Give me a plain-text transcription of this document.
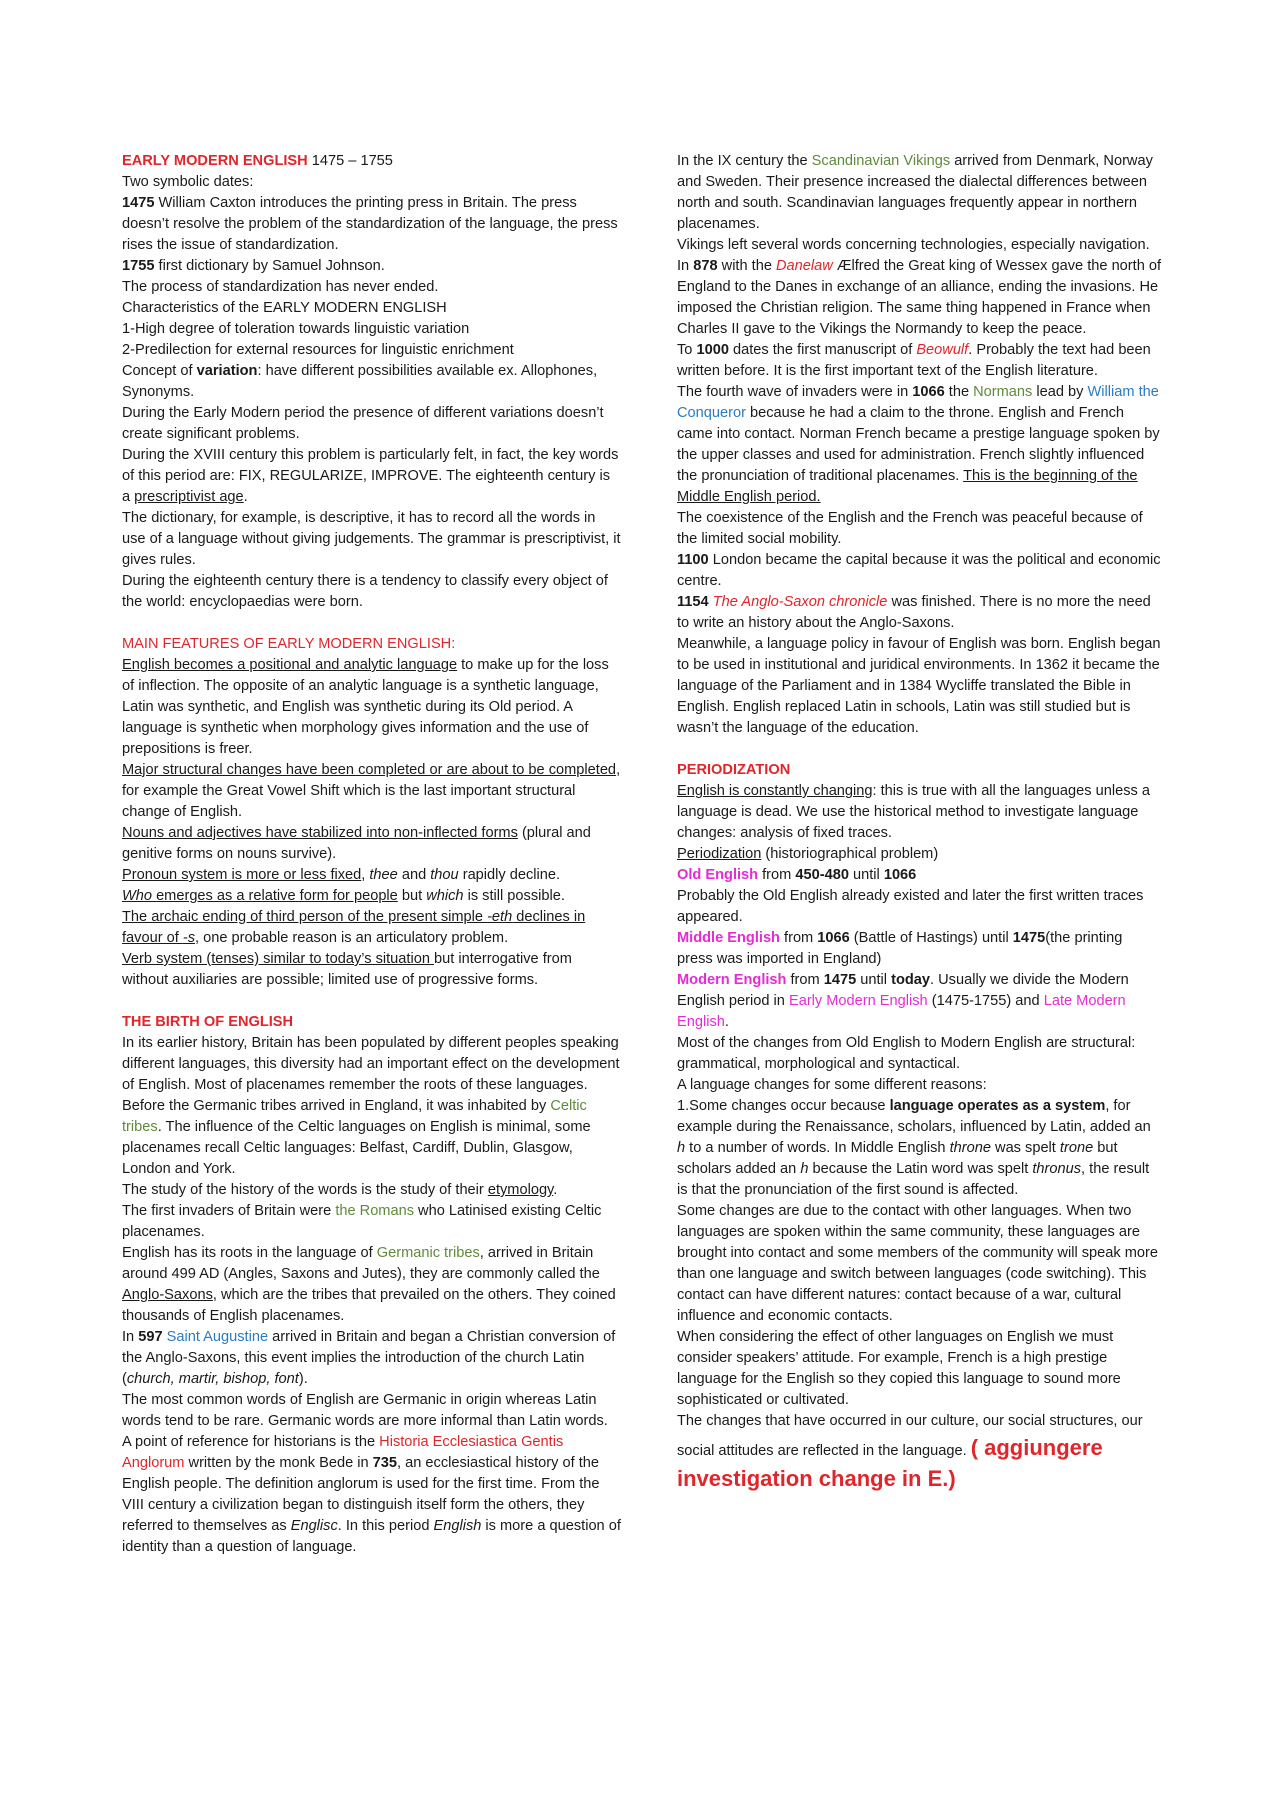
EARLY MODERN ENGLISH 1475 – 1755

Two symbolic dates:

1475 William Caxton introduces the printing press in Britain. The press doesn’t resolve the problem of the standardization of the language, the press rises the issue of standardization.

1755 first dictionary by Samuel Johnson.

The process of standardization has never ended.

Characteristics of the EARLY MODERN ENGLISH

1-High degree of toleration towards linguistic variation

2-Predilection for external resources for linguistic enrichment

Concept of variation: have different possibilities available ex. Allophones, Synonyms.

During the Early Modern period the presence of different variations doesn’t create significant problems.

During the XVIII century this problem is particularly felt, in fact, the key words of this period are: FIX, REGULARIZE, IMPROVE. The eighteenth century is a prescriptivist age.

The dictionary, for example, is descriptive, it has to record all the words in use of a language without giving judgements. The grammar is prescriptivist, it gives rules.

During the eighteenth century there is a tendency to classify every object of the world: encyclopaedias were born.

MAIN FEATURES OF EARLY MODERN ENGLISH:

English becomes a positional and analytic language to make up for the loss of inflection. The opposite of an analytic language is a synthetic language, Latin was synthetic, and English was synthetic during its Old period. A language is synthetic when morphology gives information and the use of prepositions is freer.

Major structural changes have been completed or are about to be completed, for example the Great Vowel Shift which is the last important structural change of English.

Nouns and adjectives have stabilized into non-inflected forms (plural and genitive forms on nouns survive).

Pronoun system is more or less fixed, thee and thou rapidly decline.

Who emerges as a relative form for people but which is still possible.

The archaic ending of third person of the present simple -eth declines in favour of -s, one probable reason is an articulatory problem.

Verb system (tenses) similar to today’s situation but interrogative from without auxiliaries are possible; limited use of progressive forms.

THE BIRTH OF ENGLISH

In its earlier history, Britain has been populated by different peoples speaking different languages, this diversity had an important effect on the development of English. Most of placenames remember the roots of these languages.

Before the Germanic tribes arrived in England, it was inhabited by Celtic tribes. The influence of the Celtic languages on English is minimal, some placenames recall Celtic languages: Belfast, Cardiff, Dublin, Glasgow, London and York.

The study of the history of the words is the study of their etymology.

The first invaders of Britain were the Romans who Latinised existing Celtic placenames.

English has its roots in the language of Germanic tribes, arrived in Britain around 499 AD (Angles, Saxons and Jutes), they are commonly called the Anglo-Saxons, which are the tribes that prevailed on the others. They coined thousands of English placenames.

In 597 Saint Augustine arrived in Britain and began a Christian conversion of the Anglo-Saxons, this event implies the introduction of the church Latin (church, martir, bishop, font).

The most common words of English are Germanic in origin whereas Latin words tend to be rare. Germanic words are more informal than Latin words.

A point of reference for historians is the Historia Ecclesiastica Gentis Anglorum written by the monk Bede in 735, an ecclesiastical history of the English people. The definition anglorum is used for the first time. From the VIII century a civilization began to distinguish itself form the others, they referred to themselves as Englisc. In this period English is more a question of identity than a question of language.

In the IX century the Scandinavian Vikings arrived from Denmark, Norway and Sweden. Their presence increased the dialectal differences between north and south. Scandinavian languages frequently appear in northern placenames.

Vikings left several words concerning technologies, especially navigation.

In 878 with the Danelaw Ælfred the Great king of Wessex gave the north of England to the Danes in exchange of an alliance, ending the invasions. He imposed the Christian religion. The same thing happened in France when Charles II gave to the Vikings the Normandy to keep the peace.

To 1000 dates the first manuscript of Beowulf. Probably the text had been written before. It is the first important text of the English literature.

The fourth wave of invaders were in 1066 the Normans lead by William the Conqueror because he had a claim to the throne. English and French came into contact. Norman French became a prestige language spoken by the upper classes and used for administration. French slightly influenced the pronunciation of traditional placenames. This is the beginning of the Middle English period.

The coexistence of the English and the French was peaceful because of the limited social mobility.

1100 London became the capital because it was the political and economic centre.

1154 The Anglo-Saxon chronicle was finished. There is no more the need to write an history about the Anglo-Saxons.

Meanwhile, a language policy in favour of English was born. English began to be used in institutional and juridical environments. In 1362 it became the language of the Parliament and in 1384 Wycliffe translated the Bible in English. English replaced Latin in schools, Latin was still studied but is wasn’t the language of the education.

PERIODIZATION

English is constantly changing: this is true with all the languages unless a language is dead. We use the historical method to investigate language changes: analysis of fixed traces.

Periodization (historiographical problem)

Old English from 450-480 until 1066

Probably the Old English already existed and later the first written traces appeared.

Middle English from 1066 (Battle of Hastings) until 1475(the printing press was imported in England)

Modern English from 1475 until today. Usually we divide the Modern English period in Early Modern English (1475-1755) and Late Modern English.

Most of the changes from Old English to Modern English are structural: grammatical, morphological and syntactical.

A language changes for some different reasons:

1.Some changes occur because language operates as a system, for example during the Renaissance, scholars, influenced by Latin, added an h to a number of words. In Middle English throne was spelt trone but scholars added an h because the Latin word was spelt thronus, the result is that the pronunciation of the first sound is affected.

Some changes are due to the contact with other languages. When two languages are spoken within the same community, these languages are brought into contact and some members of the community will speak more than one language and switch between languages (code switching). This contact can have different natures: contact because of a war, cultural influence and economic contacts.

When considering the effect of other languages on English we must consider speakers’ attitude. For example, French is a high prestige language for the English so they copied this language to sound more sophisticated or cultivated.

The changes that have occurred in our culture, our social structures, our social attitudes are reflected in the language. ( aggiungere investigation change in E.)
